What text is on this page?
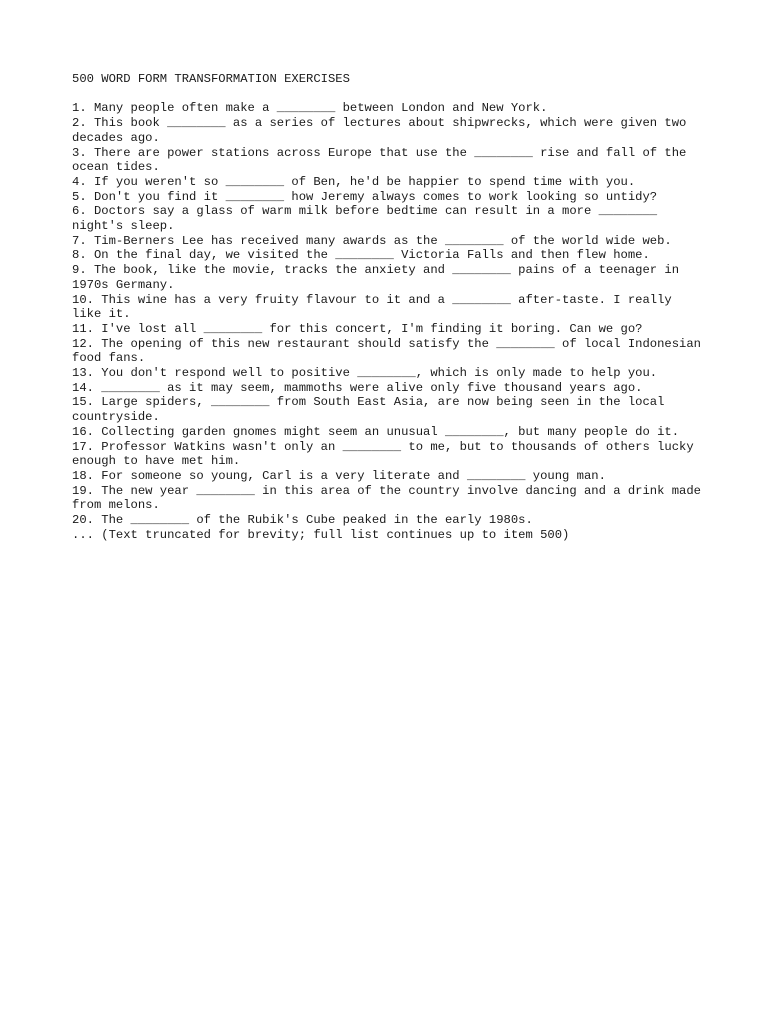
500 WORD FORM TRANSFORMATION EXERCISES

1. Many people often make a ________ between London and New York.
2. This book ________ as a series of lectures about shipwrecks, which were given two decades ago.
3. There are power stations across Europe that use the ________ rise and fall of the ocean tides.
4. If you weren't so ________ of Ben, he'd be happier to spend time with you.
5. Don't you find it ________ how Jeremy always comes to work looking so untidy?
6. Doctors say a glass of warm milk before bedtime can result in a more ________ night's sleep.
7. Tim-Berners Lee has received many awards as the ________ of the world wide web.
8. On the final day, we visited the ________ Victoria Falls and then flew home.
9. The book, like the movie, tracks the anxiety and ________ pains of a teenager in 1970s Germany.
10. This wine has a very fruity flavour to it and a ________ after-taste. I really like it.
11. I've lost all ________ for this concert, I'm finding it boring. Can we go?
12. The opening of this new restaurant should satisfy the ________ of local Indonesian food fans.
13. You don't respond well to positive ________, which is only made to help you.
14. ________ as it may seem, mammoths were alive only five thousand years ago.
15. Large spiders, ________ from South East Asia, are now being seen in the local countryside.
16. Collecting garden gnomes might seem an unusual ________, but many people do it.
17. Professor Watkins wasn't only an ________ to me, but to thousands of others lucky enough to have met him.
18. For someone so young, Carl is a very literate and ________ young man.
19. The new year ________ in this area of the country involve dancing and a drink made from melons.
20. The ________ of the Rubik's Cube peaked in the early 1980s.

... (Text truncated for brevity; full list continues up to item 500)
